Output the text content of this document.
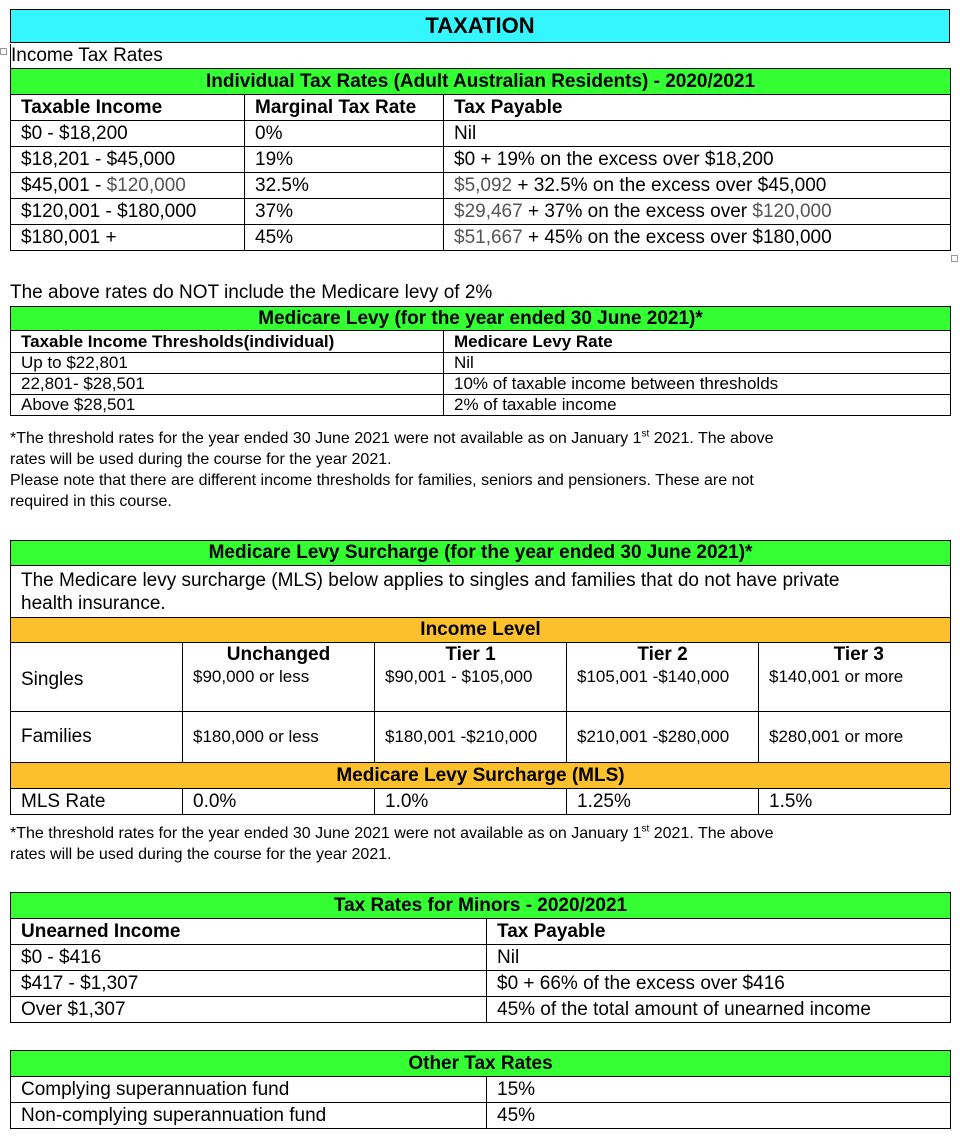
TAXATION
Income Tax Rates
Individual Tax Rates (Adult Australian Residents) - 2020/2021		
Taxable Income	Marginal Tax Rate	Tax Payable
$0 - $18,200	0%	Nil
$18,201 - $45,000	19%	$0 + 19% on the excess over $18,200
$45,001 - $120,000	32.5%	$5,092 + 32.5% on the excess over $45,000
$120,001 - $180,000	37%	$29,467 + 37% on the excess over $120,000
$180,001 +	45%	$51,667 + 45% on the excess over $180,000
The above rates do NOT include the Medicare levy of 2%
Medicare Levy (for the year ended 30 June 2021)*	
Taxable Income Thresholds(individual)	Medicare Levy Rate
Up to $22,801	Nil
22,801- $28,501	10% of taxable income between thresholds
Above $28,501	2% of taxable income
*The threshold rates for the year ended 30 June 2021 were not available as on January 1st 2021. The above
rates will be used during the course for the year 2021.
Please note that there are different income thresholds for families, seniors and pensioners. These are not
required in this course.
Medicare Levy Surcharge (for the year ended 30 June 2021)*				

The Medicare levy surcharge (MLS) below applies to singles and families that do not have private
health insurance.				

Income Level				
	Unchanged	Tier 1	Tier 2	Tier 3
Singles	$90,000 or less	$90,001 - $105,000	$105,001 -$140,000	$140,001 or more
Families	$180,000 or less	$180,001 -$210,000	$210,001 -$280,000	$280,001 or more
Medicare Levy Surcharge (MLS)				
MLS Rate	0.0%	1.0%	1.25%	1.5%
*The threshold rates for the year ended 30 June 2021 were not available as on January 1st 2021. The above
rates will be used during the course for the year 2021.
Tax Rates for Minors - 2020/2021	
Unearned Income	Tax Payable
$0 - $416	Nil
$417 - $1,307	$0 + 66% of the excess over $416
Over $1,307	45% of the total amount of unearned income
Other Tax Rates	
Complying superannuation fund	15%
Non-complying superannuation fund	45%
